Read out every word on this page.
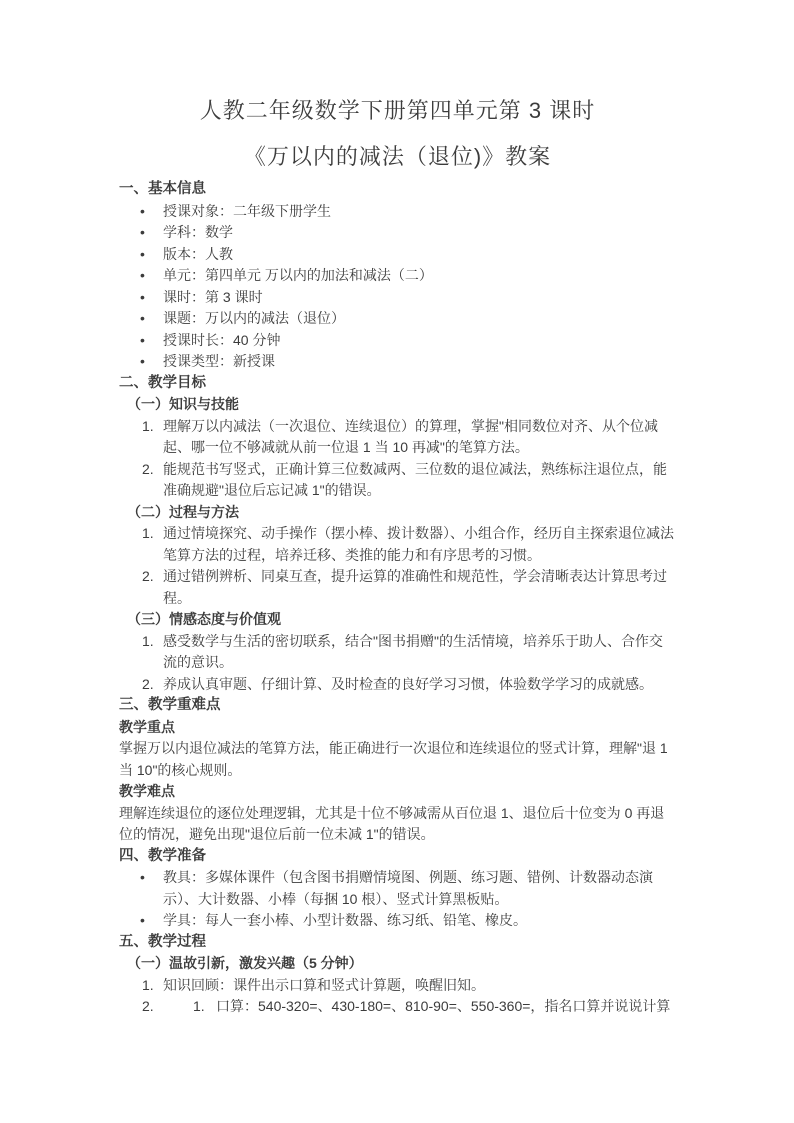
人教二年级数学下册第四单元第 3 课时
《万以内的减法（退位)》教案
一、基本信息
• 授课对象：二年级下册学生
• 学科：数学
• 版本：人教
• 单元：第四单元 万以内的加法和减法（二）
• 课时：第 3 课时
• 课题：万以内的减法（退位）
• 授课时长：40 分钟
• 授课类型：新授课
二、教学目标
（一）知识与技能
理解万以内减法（一次退位、连续退位）的算理，掌握"相同数位对齐、从个位减起、哪一位不够减就从前一位退 1 当 10 再减"的笔算方法。
能规范书写竖式，正确计算三位数减两、三位数的退位减法，熟练标注退位点，能准确规避"退位后忘记减 1"的错误。
（二）过程与方法
通过情境探究、动手操作（摆小棒、拨计数器）、小组合作，经历自主探索退位减法笔算方法的过程，培养迁移、类推的能力和有序思考的习惯。
通过错例辨析、同桌互查，提升运算的准确性和规范性，学会清晰表达计算思考过程。
（三）情感态度与价值观
感受数学与生活的密切联系，结合"图书捐赠"的生活情境，培养乐于助人、合作交流的意识。
养成认真审题、仔细计算、及时检查的良好学习习惯，体验数学学习的成就感。
三、教学重难点
教学重点
掌握万以内退位减法的笔算方法，能正确进行一次退位和连续退位的竖式计算，理解"退 1 当 10"的核心规则。
教学难点
理解连续退位的逐位处理逻辑，尤其是十位不够减需从百位退 1、退位后十位变为 0 再退位的情况，避免出现"退位后前一位未减 1"的错误。
四、教学准备
• 教具：多媒体课件（包含图书捐赠情境图、例题、练习题、错例、计数器动态演示）、大计数器、小棒（每捆 10 根）、竖式计算黑板贴。
• 学具：每人一套小棒、小型计数器、练习纸、铅笔、橡皮。
五、教学过程
（一）温故引新，激发兴趣（5 分钟）
知识回顾：课件出示口算和竖式计算题，唤醒旧知。
口算：540-320=、430-180=、810-90=、550-360=，指名口算并说说计算
